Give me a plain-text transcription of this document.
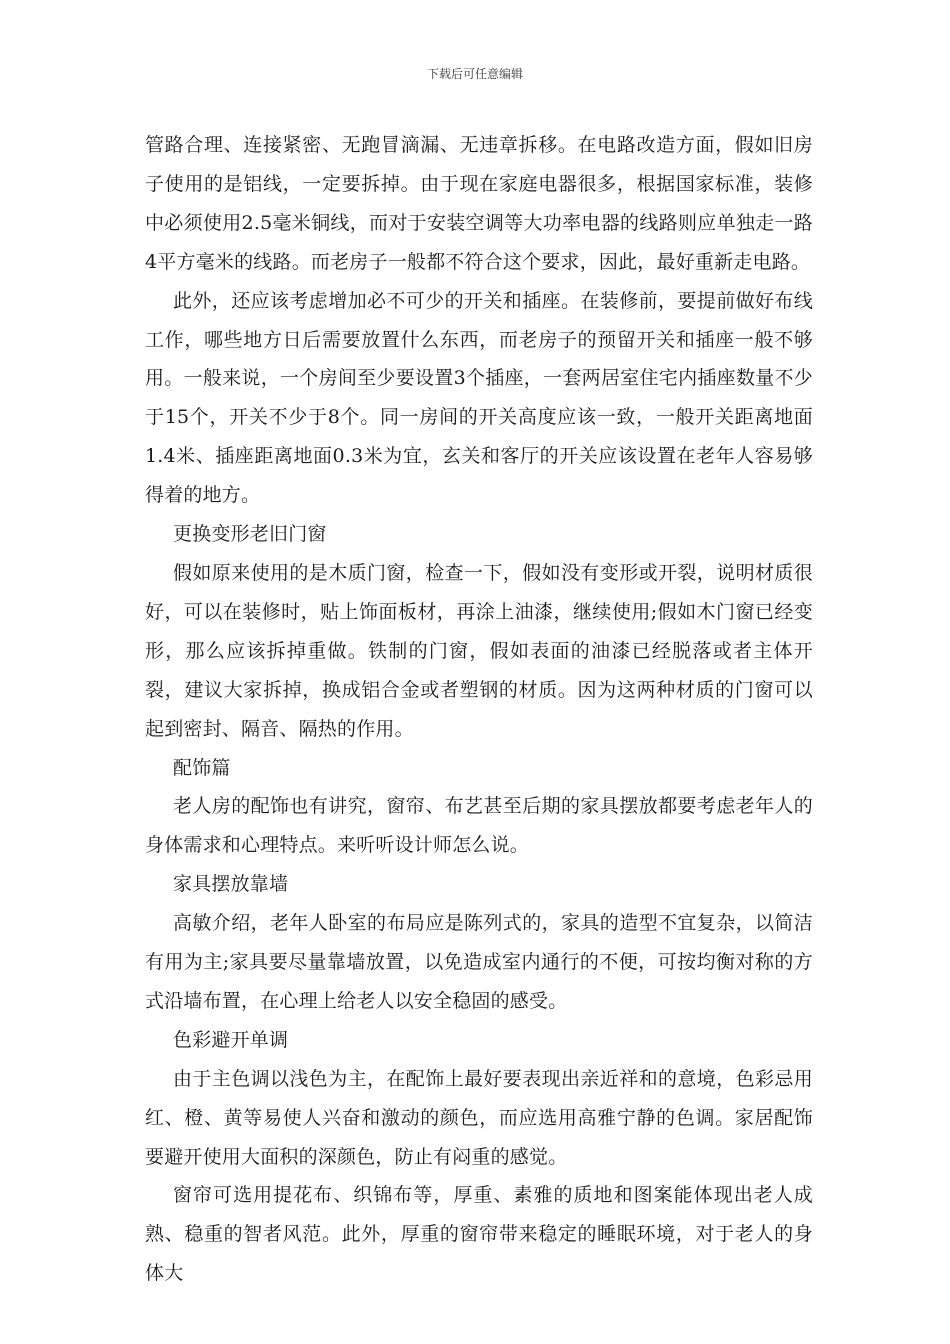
下载后可任意编辑

管路合理、连接紧密、无跑冒滴漏、无违章拆移。在电路改造方面，假如旧房子使用的是铝线，一定要拆掉。由于现在家庭电器很多，根据国家标准，装修中必须使用2.5毫米铜线，而对于安装空调等大功率电器的线路则应单独走一路4平方毫米的线路。而老房子一般都不符合这个要求，因此，最好重新走电路。

此外，还应该考虑增加必不可少的开关和插座。在装修前，要提前做好布线工作，哪些地方日后需要放置什么东西，而老房子的预留开关和插座一般不够用。一般来说，一个房间至少要设置3个插座，一套两居室住宅内插座数量不少于15个，开关不少于8个。同一房间的开关高度应该一致，一般开关距离地面1.4米、插座距离地面0.3米为宜，玄关和客厅的开关应该设置在老年人容易够得着的地方。

更换变形老旧门窗

假如原来使用的是木质门窗，检查一下，假如没有变形或开裂，说明材质很好，可以在装修时，贴上饰面板材，再涂上油漆，继续使用;假如木门窗已经变形，那么应该拆掉重做。铁制的门窗，假如表面的油漆已经脱落或者主体开裂，建议大家拆掉，换成铝合金或者塑钢的材质。因为这两种材质的门窗可以起到密封、隔音、隔热的作用。

配饰篇

老人房的配饰也有讲究，窗帘、布艺甚至后期的家具摆放都要考虑老年人的身体需求和心理特点。来听听设计师怎么说。

家具摆放靠墙

高敏介绍，老年人卧室的布局应是陈列式的，家具的造型不宜复杂，以简洁有用为主;家具要尽量靠墙放置，以免造成室内通行的不便，可按均衡对称的方式沿墙布置，在心理上给老人以安全稳固的感受。

色彩避开单调

由于主色调以浅色为主，在配饰上最好要表现出亲近祥和的意境，色彩忌用红、橙、黄等易使人兴奋和激动的颜色，而应选用高雅宁静的色调。家居配饰要避开使用大面积的深颜色，防止有闷重的感觉。

窗帘可选用提花布、织锦布等，厚重、素雅的质地和图案能体现出老人成熟、稳重的智者风范。此外，厚重的窗帘带来稳定的睡眠环境，对于老人的身体大
